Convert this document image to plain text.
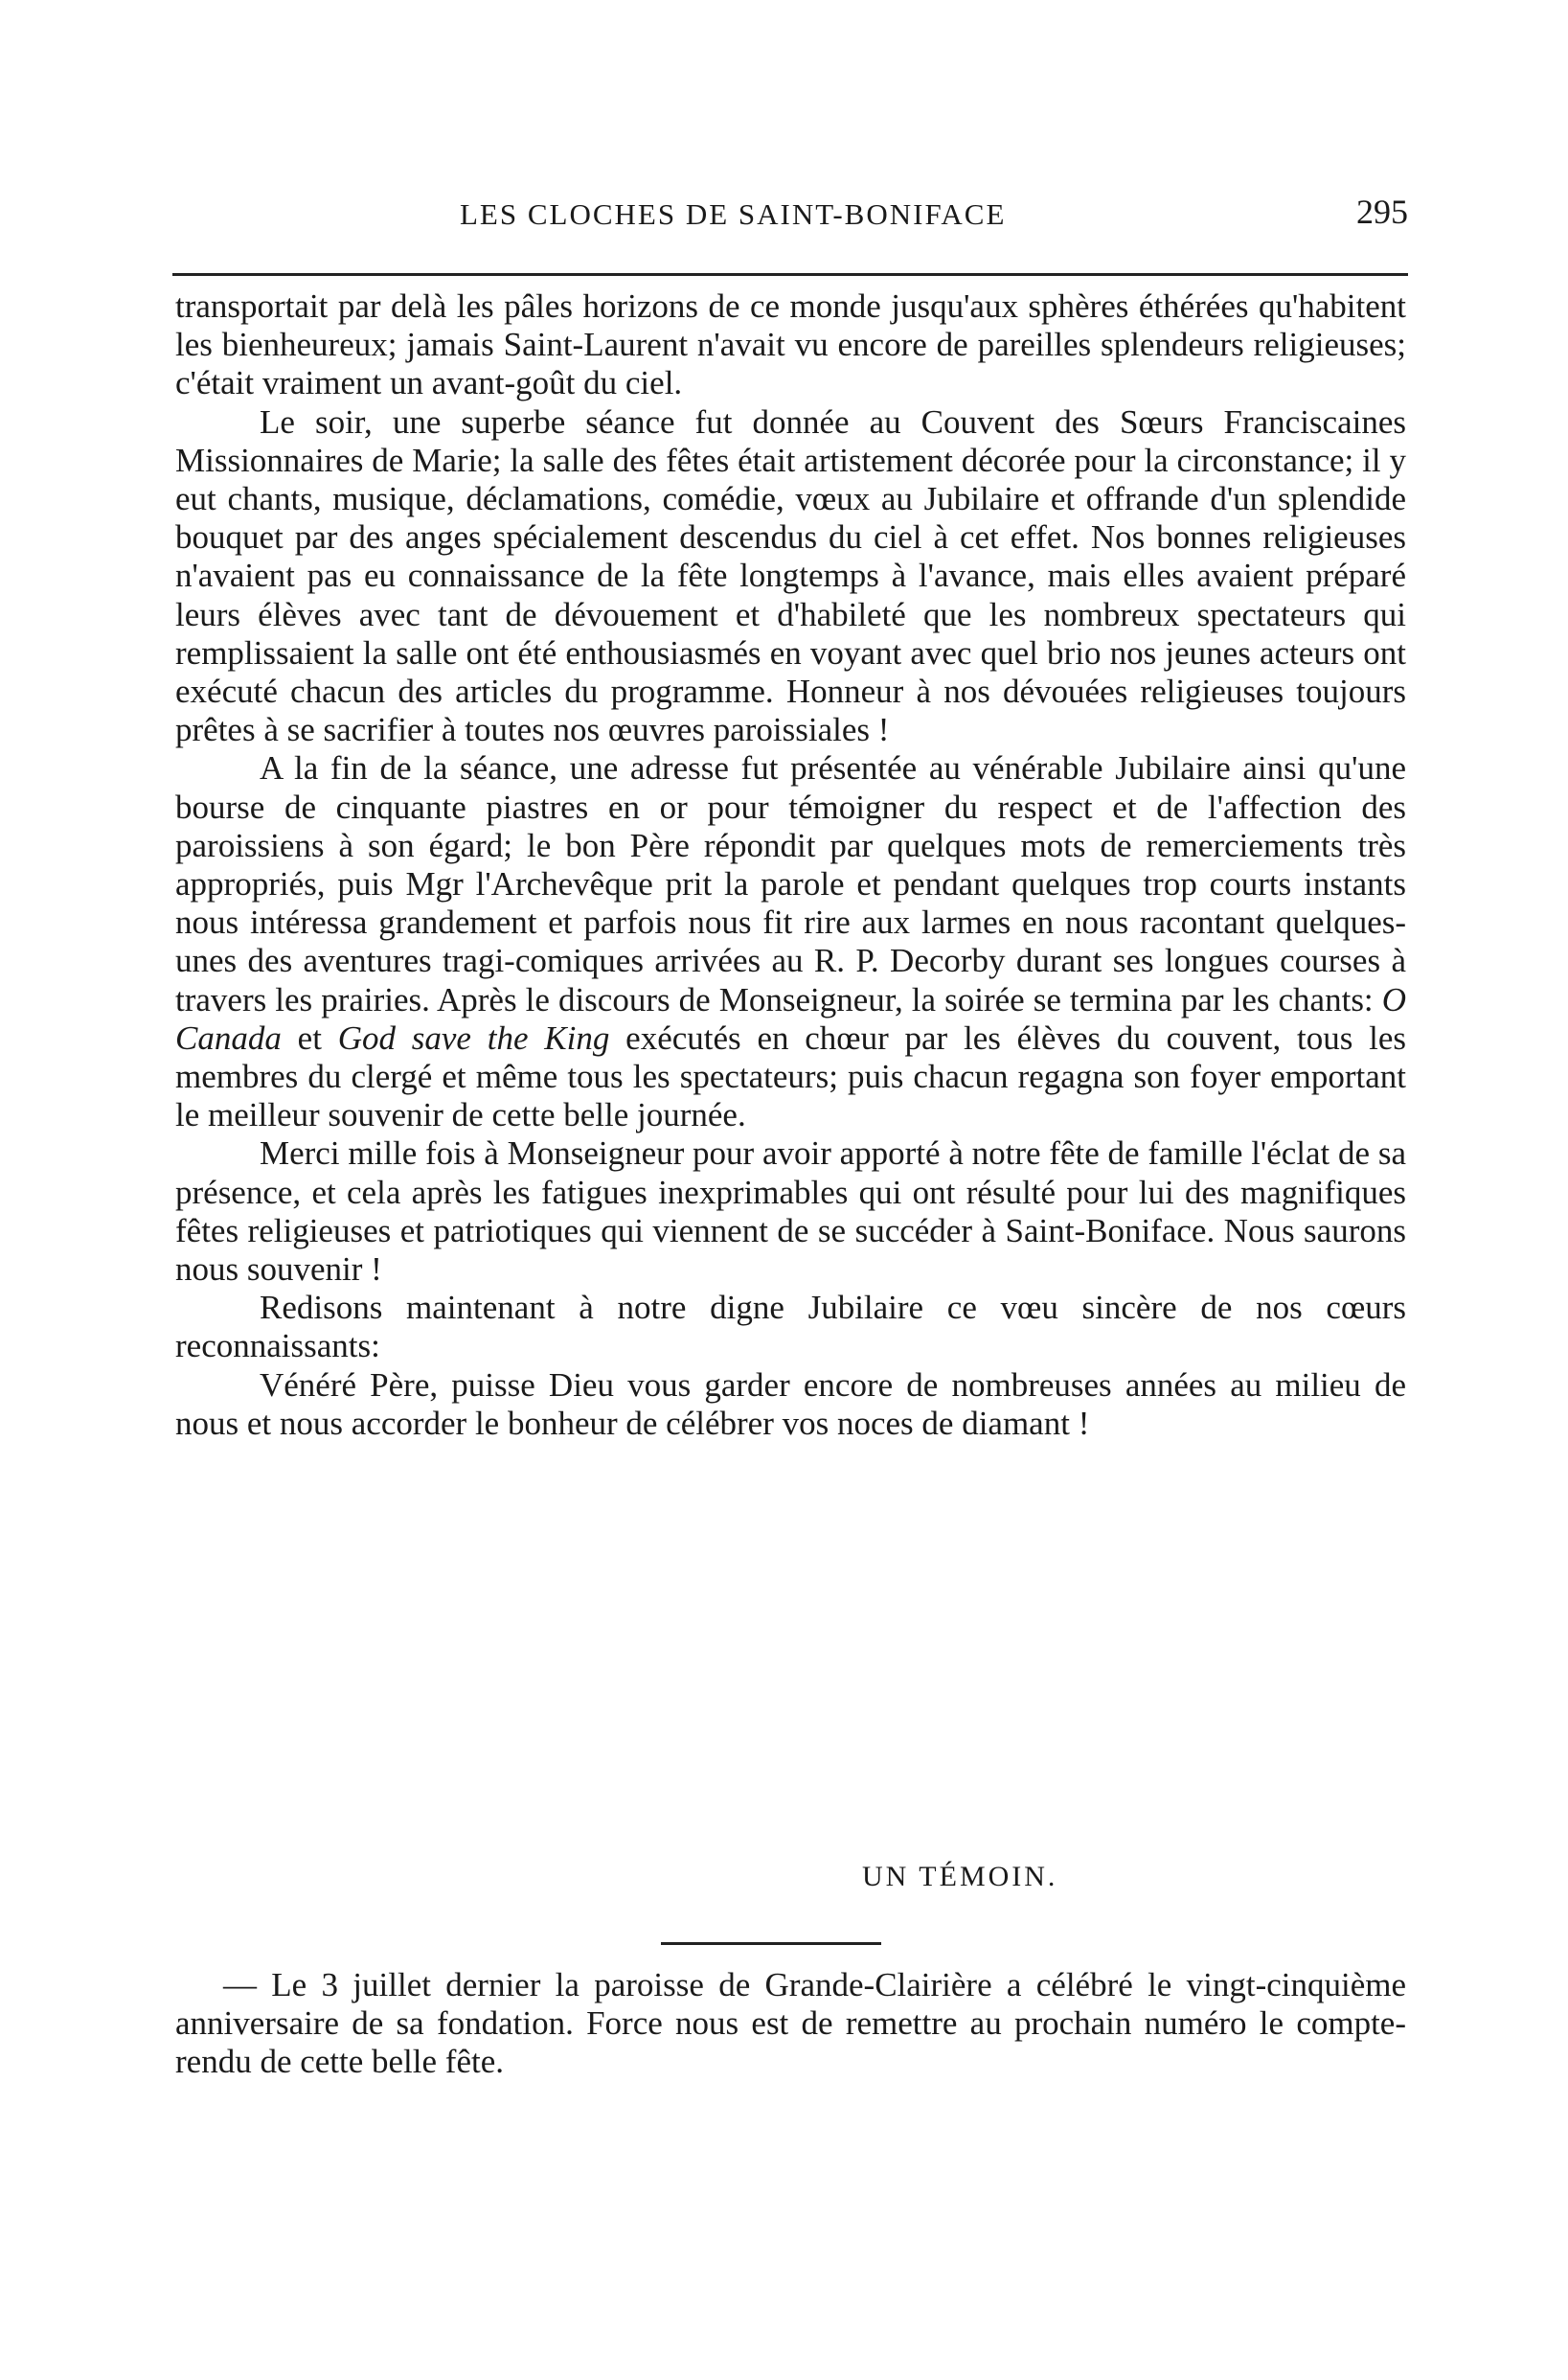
LES CLOCHES DE SAINT-BONIFACE	295

transportait par delà les pâles horizons de ce monde jusqu'aux sphères éthérées qu'habitent les bienheureux; jamais Saint-Laurent n'avait vu encore de pareilles splendeurs religieuses; c'était vraiment un avant-goût du ciel.

Le soir, une superbe séance fut donnée au Couvent des Sœurs Franciscaines Missionnaires de Marie; la salle des fêtes était artistement décorée pour la circonstance; il y eut chants, musique, déclamations, comédie, vœux au Jubilaire et offrande d'un splendide bouquet par des anges spécialement descendus du ciel à cet effet. Nos bonnes religieuses n'avaient pas eu connaissance de la fête longtemps à l'avance, mais elles avaient préparé leurs élèves avec tant de dévouement et d'habileté que les nombreux spectateurs qui remplissaient la salle ont été enthousiasmés en voyant avec quel brio nos jeunes acteurs ont exécuté chacun des articles du programme. Honneur à nos dévouées religieuses toujours prêtes à se sacrifier à toutes nos œuvres paroissiales !

A la fin de la séance, une adresse fut présentée au vénérable Jubilaire ainsi qu'une bourse de cinquante piastres en or pour témoigner du respect et de l'affection des paroissiens à son égard; le bon Père répondit par quelques mots de remerciements très appropriés, puis Mgr l'Archevêque prit la parole et pendant quelques trop courts instants nous intéressa grandement et parfois nous fit rire aux larmes en nous racontant quelques-unes des aventures tragi-comiques arrivées au R. P. Decorby durant ses longues courses à travers les prairies. Après le discours de Monseigneur, la soirée se termina par les chants: O Canada et God save the King exécutés en chœur par les élèves du couvent, tous les membres du clergé et même tous les spectateurs; puis chacun regagna son foyer emportant le meilleur souvenir de cette belle journée.

Merci mille fois à Monseigneur pour avoir apporté à notre fête de famille l'éclat de sa présence, et cela après les fatigues inexprimables qui ont résulté pour lui des magnifiques fêtes religieuses et patriotiques qui viennent de se succéder à Saint-Boniface. Nous saurons nous souvenir !

Redisons maintenant à notre digne Jubilaire ce vœu sincère de nos cœurs reconnaissants:

Vénéré Père, puisse Dieu vous garder encore de nombreuses années au milieu de nous et nous accorder le bonheur de célébrer vos noces de diamant !

UN TÉMOIN.

— Le 3 juillet dernier la paroisse de Grande-Clairière a célébré le vingt-cinquième anniversaire de sa fondation. Force nous est de remettre au prochain numéro le compte-rendu de cette belle fête.
